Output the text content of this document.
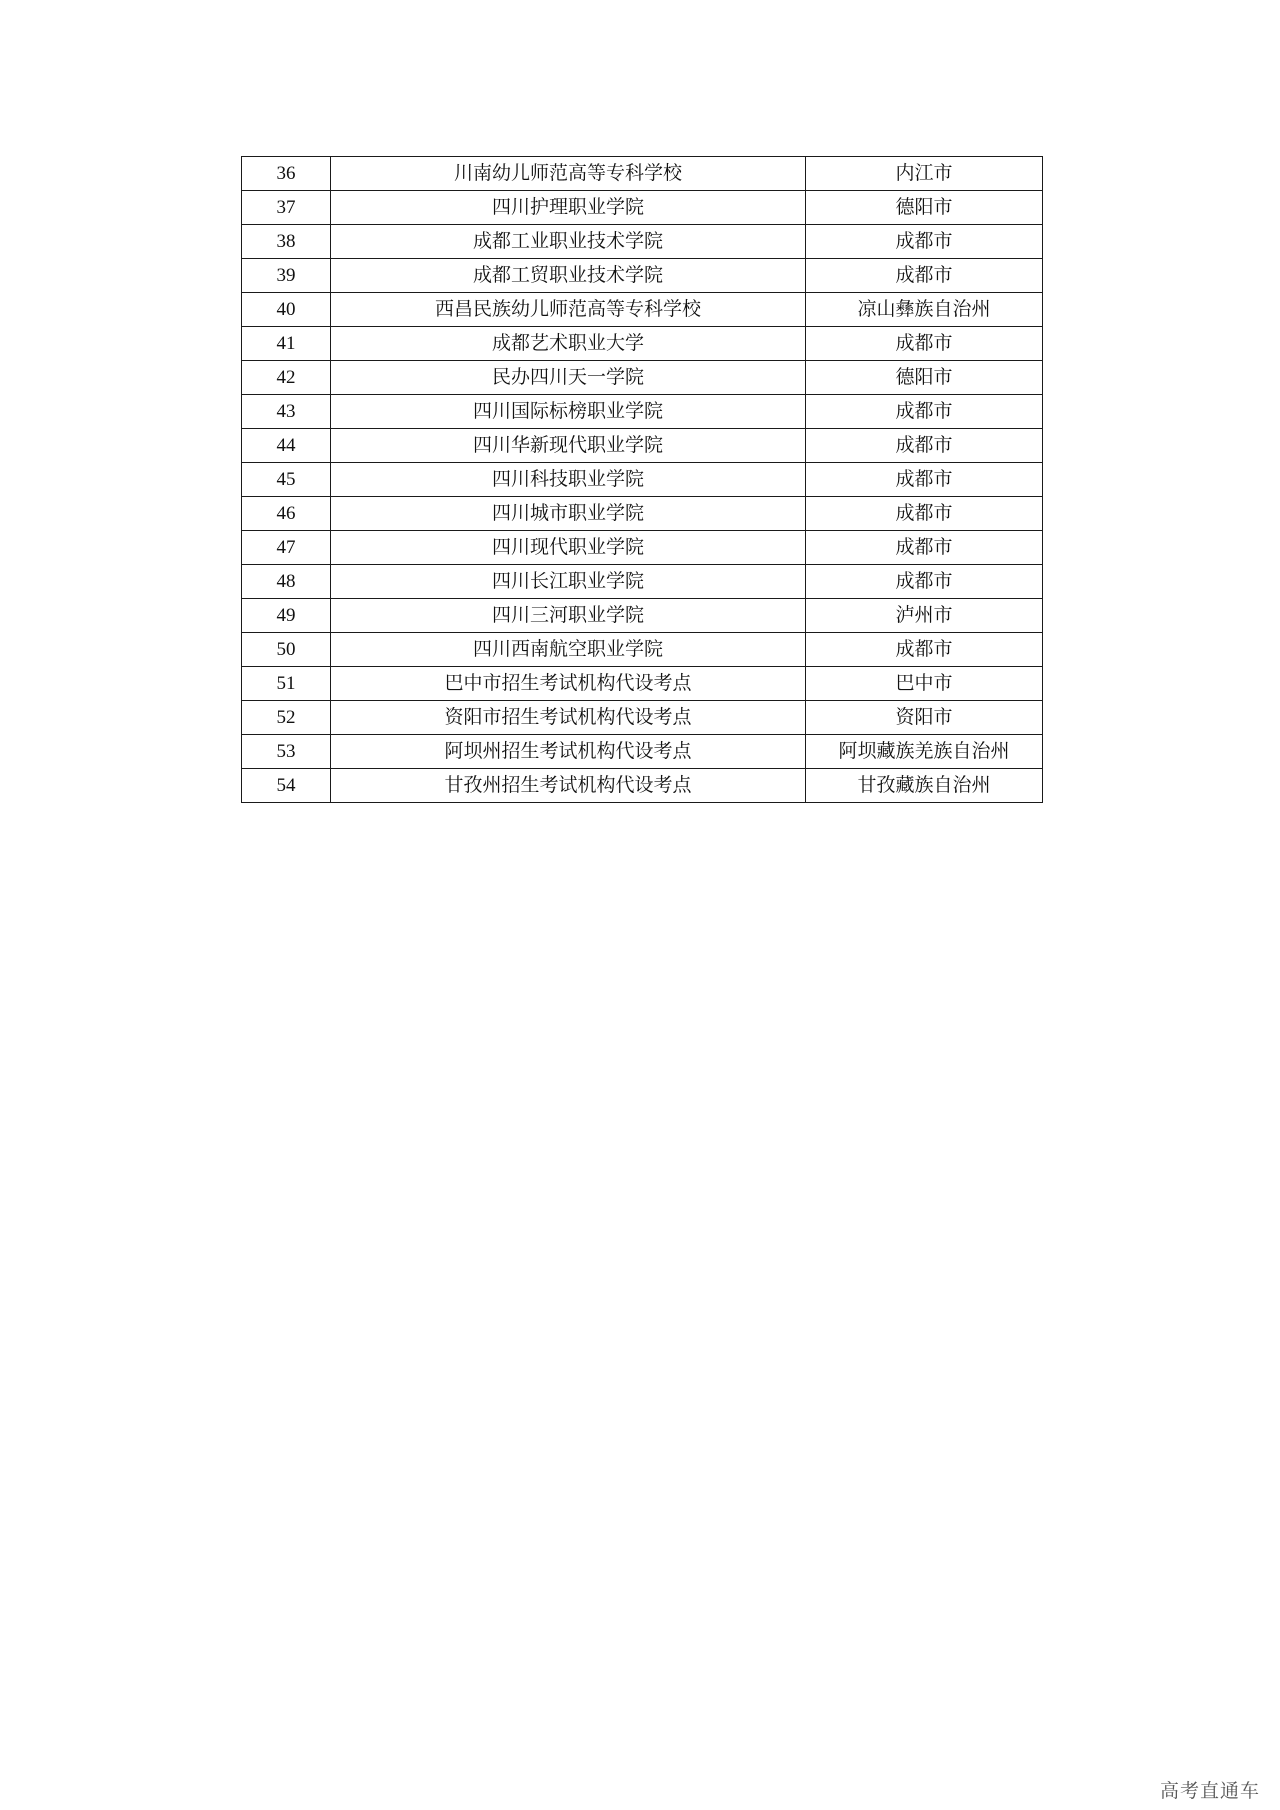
36	川南幼儿师范高等专科学校	内江市
37	四川护理职业学院	德阳市
38	成都工业职业技术学院	成都市
39	成都工贸职业技术学院	成都市
40	西昌民族幼儿师范高等专科学校	凉山彝族自治州
41	成都艺术职业大学	成都市
42	民办四川天一学院	德阳市
43	四川国际标榜职业学院	成都市
44	四川华新现代职业学院	成都市
45	四川科技职业学院	成都市
46	四川城市职业学院	成都市
47	四川现代职业学院	成都市
48	四川长江职业学院	成都市
49	四川三河职业学院	泸州市
50	四川西南航空职业学院	成都市
51	巴中市招生考试机构代设考点	巴中市
52	资阳市招生考试机构代设考点	资阳市
53	阿坝州招生考试机构代设考点	阿坝藏族羌族自治州
54	甘孜州招生考试机构代设考点	甘孜藏族自治州
高考直通车
